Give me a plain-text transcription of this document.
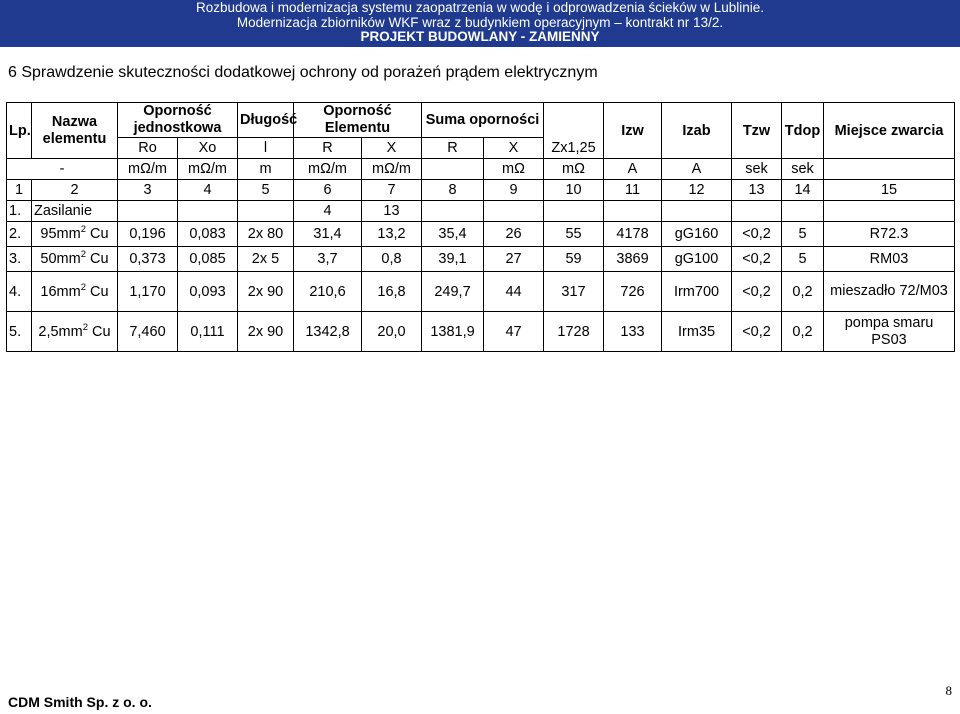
Rozbudowa i modernizacja systemu zaopatrzenia w wodę i odprowadzenia ścieków w Lublinie.
Modernizacja zbiorników WKF wraz z budynkiem operacyjnym – kontrakt nr 13/2.
PROJEKT BUDOWLANY - ZAMIENNY
6 Sprawdzenie skuteczności dodatkowej ochrony od porażeń prądem elektrycznym
Lp.	Nazwa elementu	Oporność jednostkowa		Długość	Oporność Elementu		Suma oporności			Izw	Izab	Tzw	Tdop	Miejsce zwarcia
		Ro	Xo	l	R	X	R	X	Zx1,25					
-		mΩ/m	mΩ/m	m	mΩ/m	mΩ/m		mΩ	mΩ	A	A	sek	sek	
1	2	3	4	5	6	7	8	9	10	11	12	13	14	15
1.	Zasilanie				4	13								
2.	$95mm^2$ Cu	0,196	0,083	2x 80	31,4	13,2	35,4	26	55	4178	gG160	<0,2	5	R72.3
3.	$50mm^2$ Cu	0,373	0,085	2x 5	3,7	0,8	39,1	27	59	3869	gG100	<0,2	5	RM03
4.	$16mm^2$ Cu	1,170	0,093	2x 90	210,6	16,8	249,7	44	317	726	Irm700	<0,2	0,2	mieszadło 72/M03
5.	$2,5mm^2$ Cu	7,460	0,111	2x 90	1342,8	20,0	1381,9	47	1728	133	Irm35	<0,2	0,2	pompa smaru PS03
CDM Smith Sp. z o. o.
8
